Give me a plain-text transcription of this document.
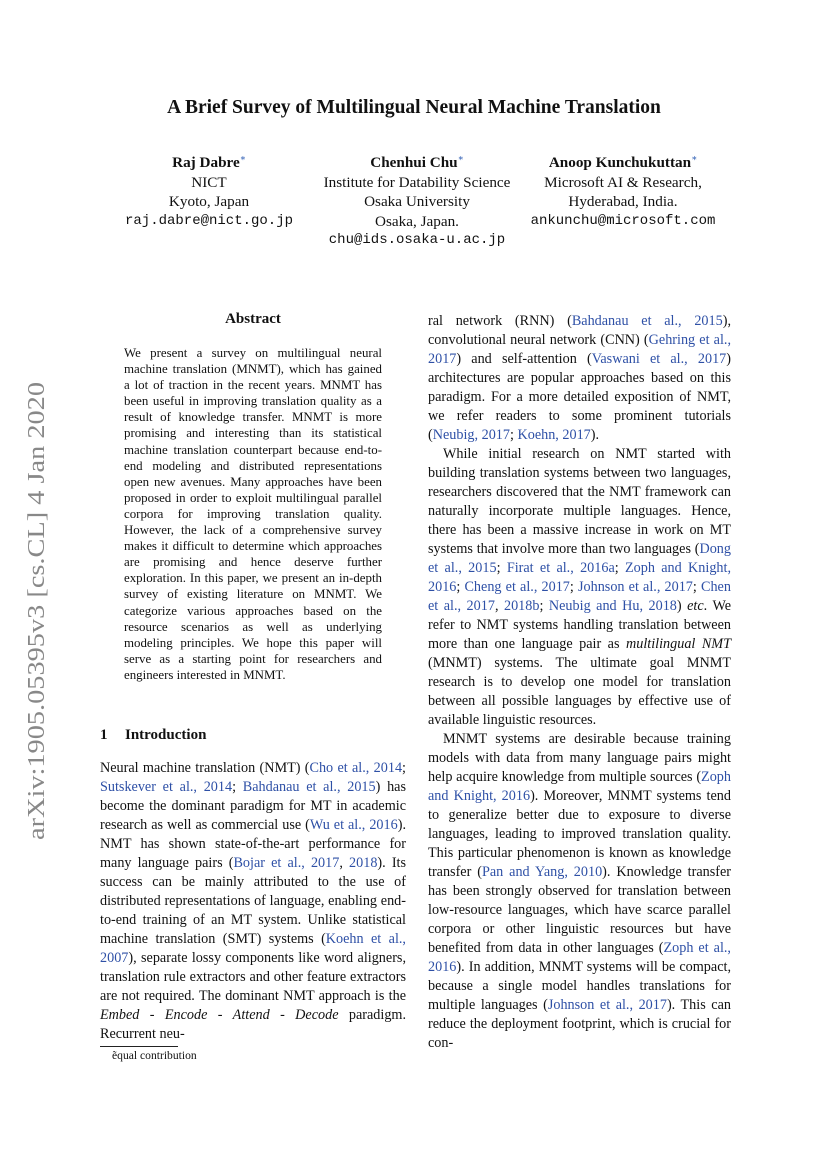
A Brief Survey of Multilingual Neural Machine Translation
Raj Dabre∗
NICT
Kyoto, Japan
raj.dabre@nict.go.jp
Chenhui Chu∗
Institute for Datability Science
Osaka University
Osaka, Japan.
chu@ids.osaka-u.ac.jp
Anoop Kunchukuttan∗
Microsoft AI & Research,
Hyderabad, India.
ankunchu@microsoft.com
arXiv:1905.05395v3 [cs.CL] 4 Jan 2020
Abstract
We present a survey on multilingual neural machine translation (MNMT), which has gained a lot of traction in the recent years. MNMT has been useful in improving translation quality as a result of knowledge transfer. MNMT is more promising and interesting than its statistical machine translation counterpart because end-to-end modeling and distributed representations open new avenues. Many approaches have been proposed in order to exploit multilingual parallel corpora for improving translation quality. However, the lack of a comprehensive survey makes it difficult to determine which approaches are promising and hence deserve further exploration. In this paper, we present an in-depth survey of existing literature on MNMT. We categorize various approaches based on the resource scenarios as well as underlying modeling principles. We hope this paper will serve as a starting point for researchers and engineers interested in MNMT.
1 Introduction

Neural machine translation (NMT) (Cho et al., 2014; Sutskever et al., 2014; Bahdanau et al., 2015) has become the dominant paradigm for MT in academic research as well as commercial use (Wu et al., 2016). NMT has shown state-of-the-art performance for many language pairs (Bojar et al., 2017, 2018). Its success can be mainly attributed to the use of distributed representations of language, enabling end-to-end training of an MT system. Unlike statistical machine translation (SMT) systems (Koehn et al., 2007), separate lossy components like word aligners, translation rule extractors and other feature extractors are not required. The dominant NMT approach is the Embed - Encode - Attend - Decode paradigm. Recurrent neu-

ẽqual contribution

ral network (RNN) (Bahdanau et al., 2015), convolutional neural network (CNN) (Gehring et al., 2017) and self-attention (Vaswani et al., 2017) architectures are popular approaches based on this paradigm. For a more detailed exposition of NMT, we refer readers to some prominent tutorials (Neubig, 2017; Koehn, 2017).

While initial research on NMT started with building translation systems between two languages, researchers discovered that the NMT framework can naturally incorporate multiple languages. Hence, there has been a massive increase in work on MT systems that involve more than two languages (Dong et al., 2015; Firat et al., 2016a; Zoph and Knight, 2016; Cheng et al., 2017; Johnson et al., 2017; Chen et al., 2017, 2018b; Neubig and Hu, 2018) etc. We refer to NMT systems handling translation between more than one language pair as multilingual NMT (MNMT) systems. The ultimate goal MNMT research is to develop one model for translation between all possible languages by effective use of available linguistic resources.

MNMT systems are desirable because training models with data from many language pairs might help acquire knowledge from multiple sources (Zoph and Knight, 2016). Moreover, MNMT systems tend to generalize better due to exposure to diverse languages, leading to improved translation quality. This particular phenomenon is known as knowledge transfer (Pan and Yang, 2010). Knowledge transfer has been strongly observed for translation between low-resource languages, which have scarce parallel corpora or other linguistic resources but have benefited from data in other languages (Zoph et al., 2016). In addition, MNMT systems will be compact, because a single model handles translations for multiple languages (Johnson et al., 2017). This can reduce the deployment footprint, which is crucial for con-
